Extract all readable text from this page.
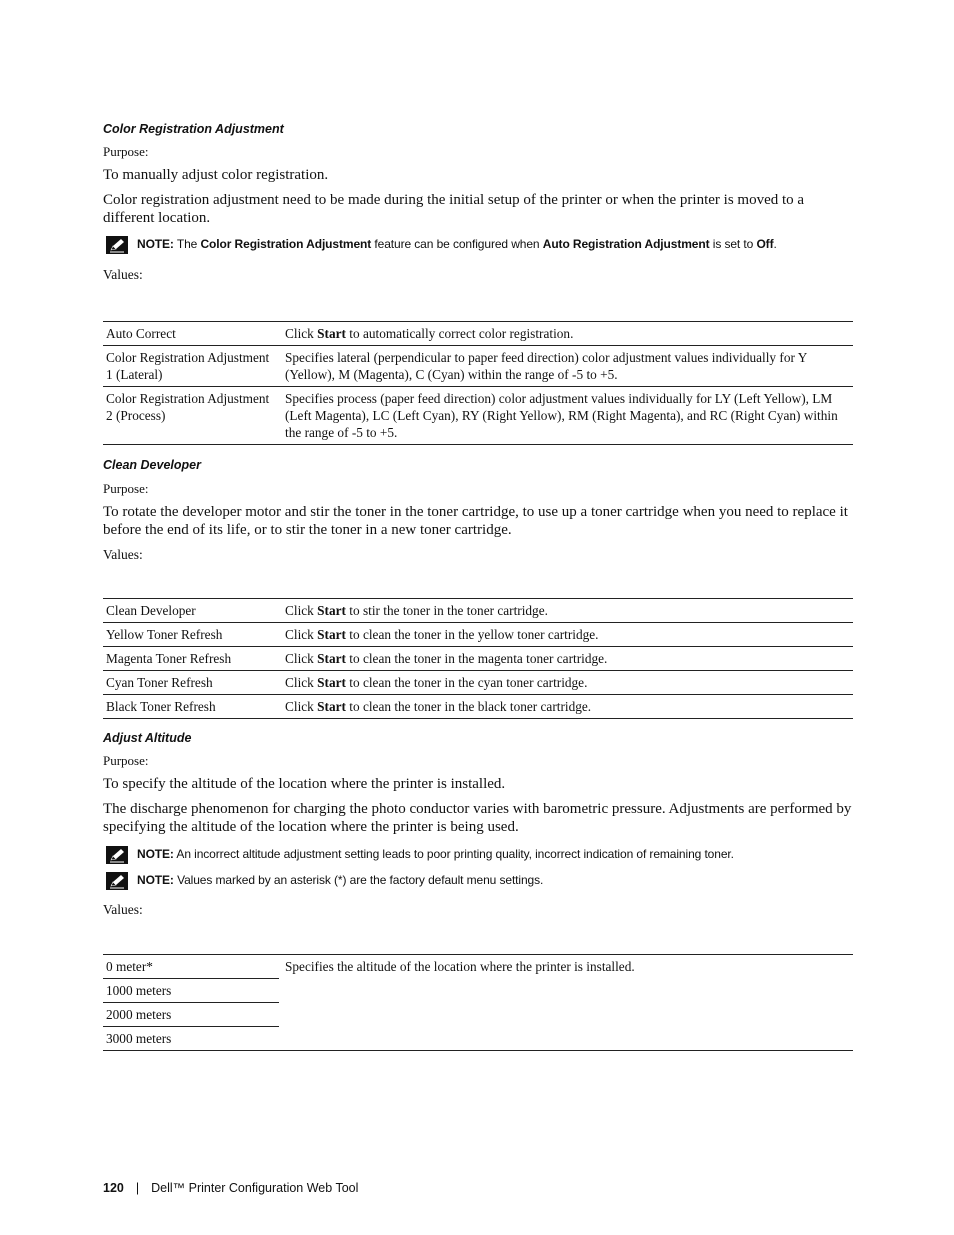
Color Registration Adjustment
Purpose:
To manually adjust color registration.
Color registration adjustment need to be made during the initial setup of the printer or when the printer is moved to a different location.
NOTE: The Color Registration Adjustment feature can be configured when Auto Registration Adjustment is set to Off.
Values:
Auto Correct	Click Start to automatically correct color registration.
Color Registration Adjustment 1 (Lateral)	Specifies lateral (perpendicular to paper feed direction) color adjustment values individually for Y (Yellow), M (Magenta), C (Cyan) within the range of -5 to +5.
Color Registration Adjustment 2 (Process)	Specifies process (paper feed direction) color adjustment values individually for LY (Left Yellow), LM (Left Magenta), LC (Left Cyan), RY (Right Yellow), RM (Right Magenta), and RC (Right Cyan) within the range of -5 to +5.
Clean Developer
Purpose:
To rotate the developer motor and stir the toner in the toner cartridge, to use up a toner cartridge when you need to replace it before the end of its life, or to stir the toner in a new toner cartridge.
Values:
Clean Developer	Click Start to stir the toner in the toner cartridge.
Yellow Toner Refresh	Click Start to clean the toner in the yellow toner cartridge.
Magenta Toner Refresh	Click Start to clean the toner in the magenta toner cartridge.
Cyan Toner Refresh	Click Start to clean the toner in the cyan toner cartridge.
Black Toner Refresh	Click Start to clean the toner in the black toner cartridge.
Adjust Altitude
Purpose:
To specify the altitude of the location where the printer is installed.
The discharge phenomenon for charging the photo conductor varies with barometric pressure. Adjustments are performed by specifying the altitude of the location where the printer is being used.
NOTE: An incorrect altitude adjustment setting leads to poor printing quality, incorrect indication of remaining toner.
NOTE: Values marked by an asterisk (*) are the factory default menu settings.
Values:
0 meter*	Specifies the altitude of the location where the printer is installed.
1000 meters
2000 meters
3000 meters
120 | Dell™ Printer Configuration Web Tool
